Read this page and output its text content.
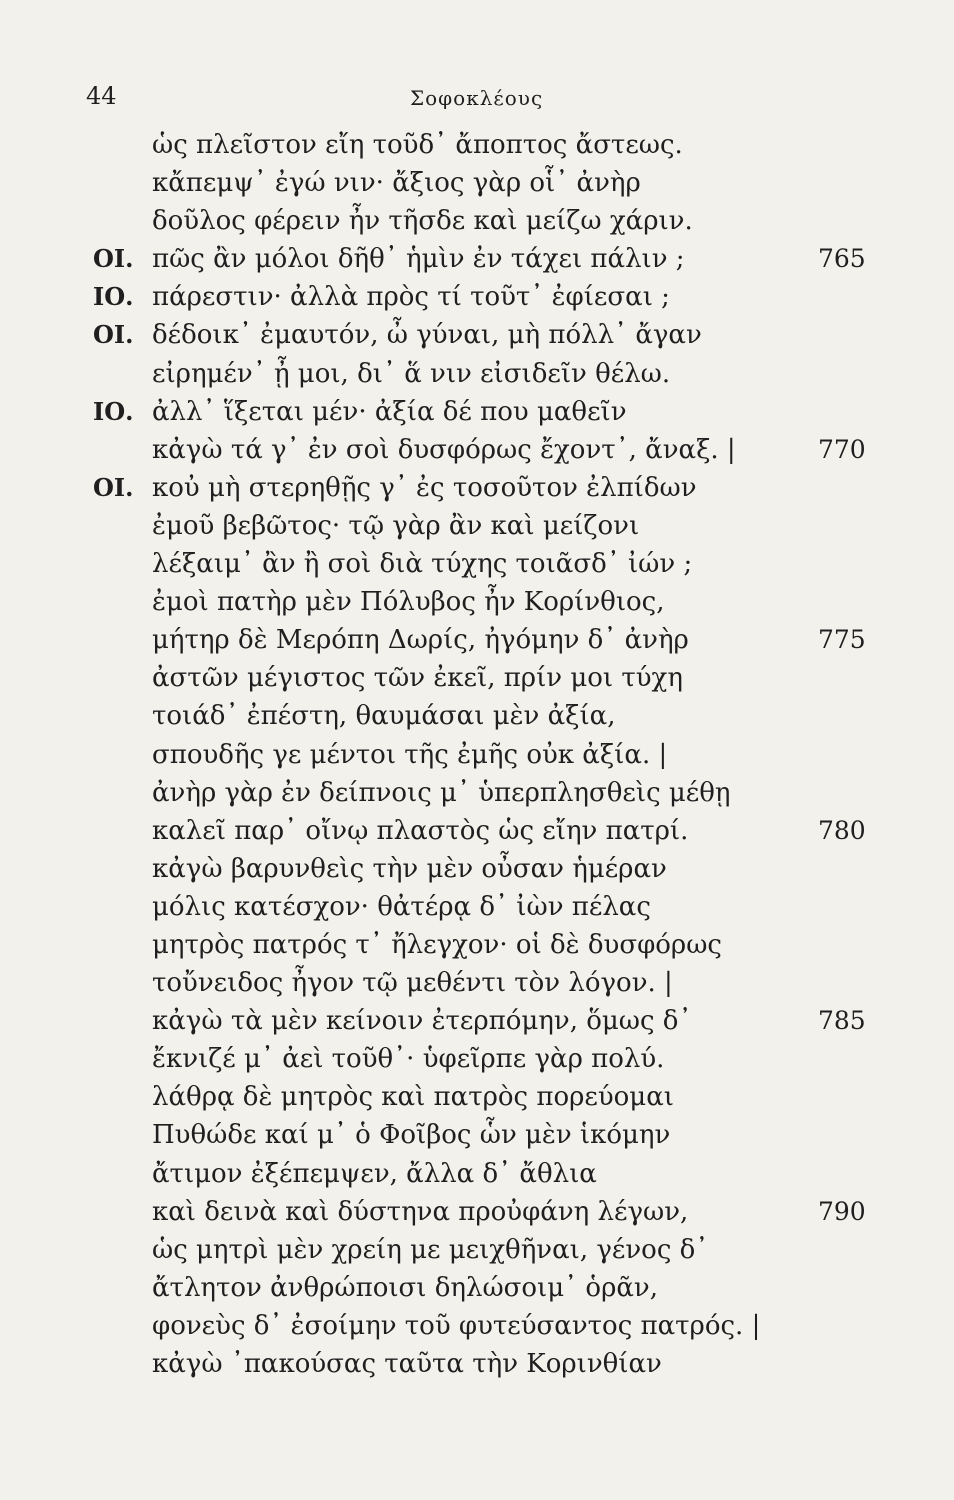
44	Σοφοκλέους
ὡς πλεῖστον εἴη τοῦδ᾽ ἄποπτος ἄστεως.
κἄπεμψ᾽ ἐγώ νιν· ἄξιος γὰρ οἷ᾽ ἀνὴρ
δοῦλος φέρειν ἦν τῆσδε καὶ μείζω χάριν.
ΟΙ. πῶς ἂν μόλοι δῆθ᾽ ἡμὶν ἐν τάχει πάλιν ;	765
ΙΟ. πάρεστιν· ἀλλὰ πρὸς τί τοῦτ᾽ ἐφίεσαι ;
ΟΙ. δέδοικ᾽ ἐμαυτόν, ὦ γύναι, μὴ πόλλ᾽ ἄγαν
εἰρημέν᾽ ᾖ μοι, δι᾽ ἅ νιν εἰσιδεῖν θέλω.
ΙΟ. ἀλλ᾽ ἵξεται μέν· ἀξία δέ που μαθεῖν
κἀγὼ τά γ᾽ ἐν σοὶ δυσφόρως ἔχοντ᾽, ἄναξ. |	770
ΟΙ. κοὐ μὴ στερηθῇς γ᾽ ἐς τοσοῦτον ἐλπίδων
ἐμοῦ βεβῶτος· τῷ γὰρ ἂν καὶ μείζονι
λέξαιμ᾽ ἂν ἢ σοὶ διὰ τύχης τοιᾶσδ᾽ ἰών ;
ἐμοὶ πατὴρ μὲν Πόλυβος ἦν Κορίνθιος,
μήτηρ δὲ Μερόπη Δωρίς, ἠγόμην δ᾽ ἀνὴρ	775
ἀστῶν μέγιστος τῶν ἐκεῖ, πρίν μοι τύχη
τοιάδ᾽ ἐπέστη, θαυμάσαι μὲν ἀξία,
σπουδῆς γε μέντοι τῆς ἐμῆς οὐκ ἀξία. |
ἀνὴρ γὰρ ἐν δείπνοις μ᾽ ὑπερπλησθεὶς μέθῃ
καλεῖ παρ᾽ οἴνῳ πλαστὸς ὡς εἴην πατρί.	780
κἀγὼ βαρυνθεὶς τὴν μὲν οὖσαν ἡμέραν
μόλις κατέσχον· θἀτέρᾳ δ᾽ ἰὼν πέλας
μητρὸς πατρός τ᾽ ἤλεγχον· οἱ δὲ δυσφόρως
τοὔνειδος ἦγον τῷ μεθέντι τὸν λόγον. |
κἀγὼ τὰ μὲν κείνοιν ἐτερπόμην, ὅμως δ᾽	785
ἔκνιζέ μ᾽ ἀεὶ τοῦθ᾽· ὑφεῖρπε γὰρ πολύ.
λάθρᾳ δὲ μητρὸς καὶ πατρὸς πορεύομαι
Πυθώδε καί μ᾽ ὁ Φοῖβος ὧν μὲν ἱκόμην
ἄτιμον ἐξέπεμψεν, ἄλλα δ᾽ ἄθλια
καὶ δεινὰ καὶ δύστηνα προὐφάνη λέγων,	790
ὡς μητρὶ μὲν χρείη με μειχθῆναι, γένος δ᾽
ἄτλητον ἀνθρώποισι δηλώσοιμ᾽ ὁρᾶν,
φονεὺς δ᾽ ἐσοίμην τοῦ φυτεύσαντος πατρός. |
κἀγὼ ᾽πακούσας ταῦτα τὴν Κορινθίαν
